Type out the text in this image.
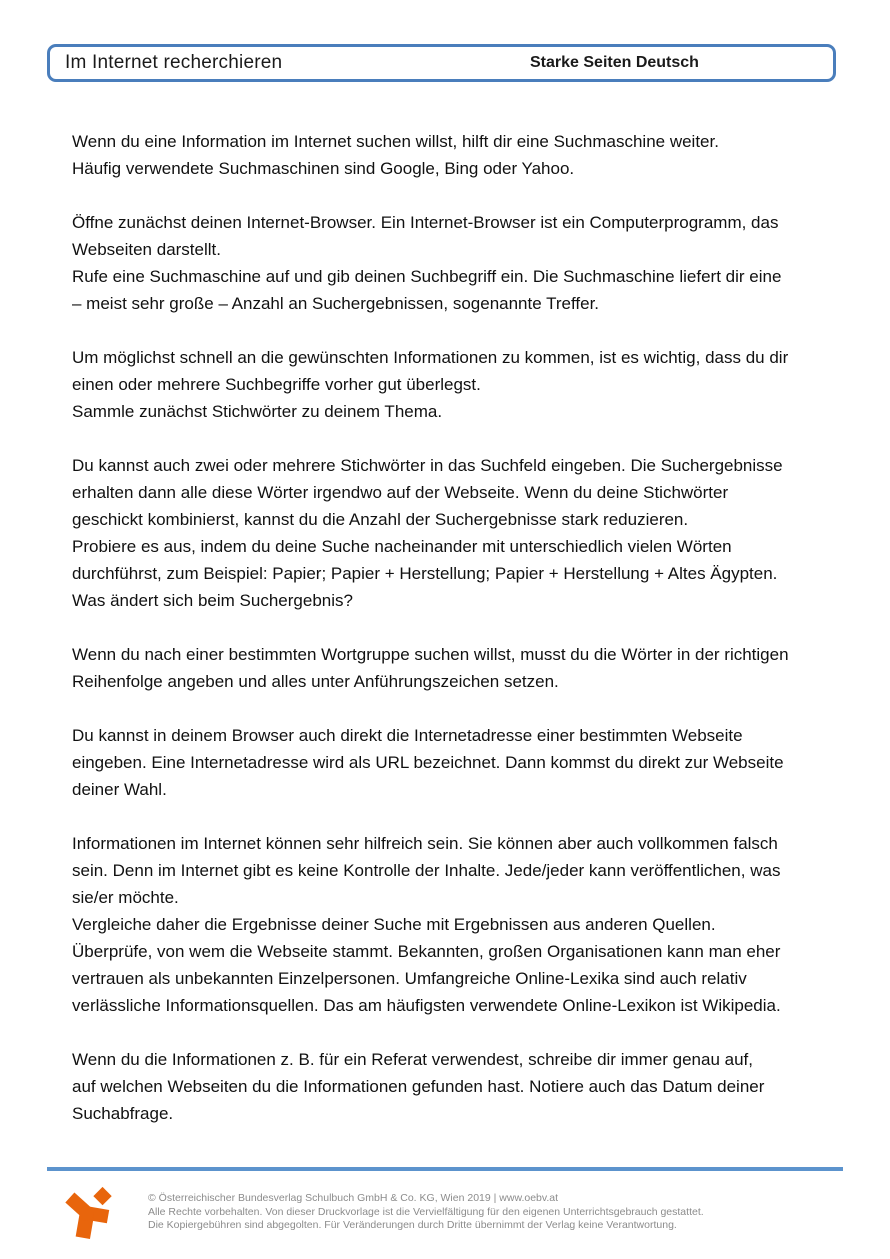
Im Internet recherchieren	Starke Seiten Deutsch
Wenn du eine Information im Internet suchen willst, hilft dir eine Suchmaschine weiter.
Häufig verwendete Suchmaschinen sind Google, Bing oder Yahoo.
Öffne zunächst deinen Internet-Browser. Ein Internet-Browser ist ein Computerprogramm, das
Webseiten darstellt.
Rufe eine Suchmaschine auf und gib deinen Suchbegriff ein. Die Suchmaschine liefert dir eine
– meist sehr große – Anzahl an Suchergebnissen, sogenannte Treffer.
Um möglichst schnell an die gewünschten Informationen zu kommen, ist es wichtig, dass du dir
einen oder mehrere Suchbegriffe vorher gut überlegst.
Sammle zunächst Stichwörter zu deinem Thema.
Du kannst auch zwei oder mehrere Stichwörter in das Suchfeld eingeben. Die Suchergebnisse
erhalten dann alle diese Wörter irgendwo auf der Webseite. Wenn du deine Stichwörter
geschickt kombinierst, kannst du die Anzahl der Suchergebnisse stark reduzieren.
Probiere es aus, indem du deine Suche nacheinander mit unterschiedlich vielen Wörten
durchführst, zum Beispiel: Papier; Papier + Herstellung; Papier + Herstellung + Altes Ägypten.
Was ändert sich beim Suchergebnis?
Wenn du nach einer bestimmten Wortgruppe suchen willst, musst du die Wörter in der richtigen
Reihenfolge angeben und alles unter Anführungszeichen setzen.
Du kannst in deinem Browser auch direkt die Internetadresse einer bestimmten Webseite
eingeben. Eine Internetadresse wird als URL bezeichnet. Dann kommst du direkt zur Webseite
deiner Wahl.
Informationen im Internet können sehr hilfreich sein. Sie können aber auch vollkommen falsch
sein. Denn im Internet gibt es keine Kontrolle der Inhalte. Jede/jeder kann veröffentlichen, was
sie/er möchte.
Vergleiche daher die Ergebnisse deiner Suche mit Ergebnissen aus anderen Quellen.
Überprüfe, von wem die Webseite stammt. Bekannten, großen Organisationen kann man eher
vertrauen als unbekannten Einzelpersonen. Umfangreiche Online-Lexika sind auch relativ
verlässliche Informationsquellen. Das am häufigsten verwendete Online-Lexikon ist Wikipedia.
Wenn du die Informationen z. B. für ein Referat verwendest, schreibe dir immer genau auf,
auf welchen Webseiten du die Informationen gefunden hast. Notiere auch das Datum deiner
Suchabfrage.
© Österreichischer Bundesverlag Schulbuch GmbH & Co. KG, Wien 2019 | www.oebv.at
Alle Rechte vorbehalten. Von dieser Druckvorlage ist die Vervielfältigung für den eigenen Unterrichtsgebrauch gestattet.
Die Kopiergebühren sind abgegolten. Für Veränderungen durch Dritte übernimmt der Verlag keine Verantwortung.
